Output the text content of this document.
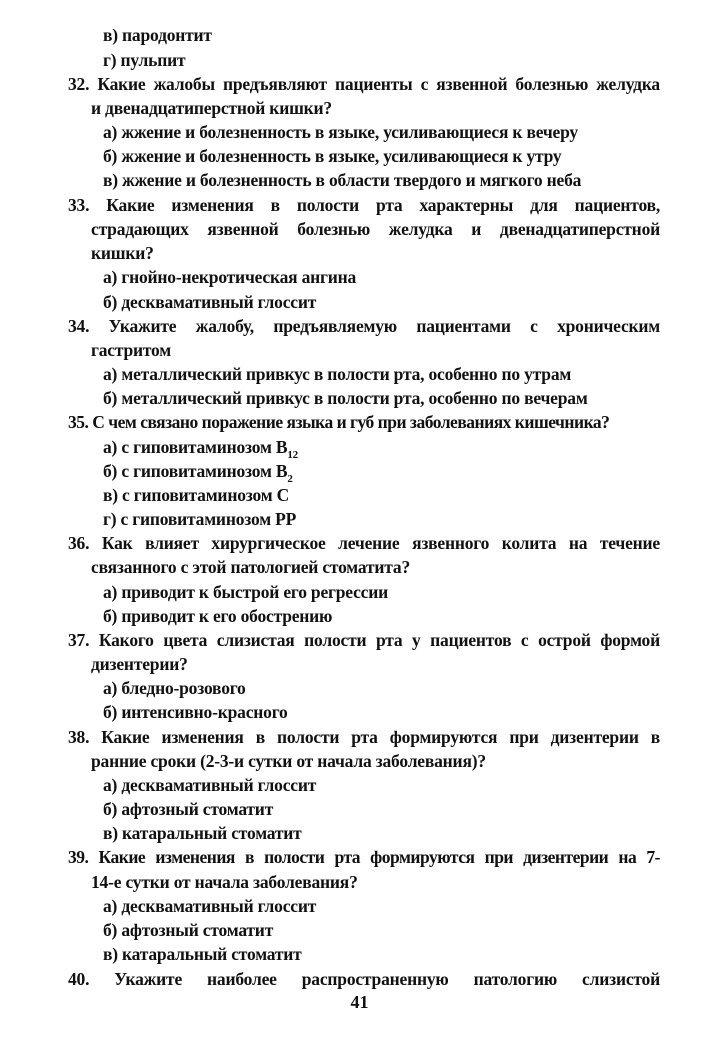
в) пародонтит
г) пульпит
32. Какие жалобы предъявляют пациенты с язвенной болезнью желудка
и двенадцатиперстной кишки?
а) жжение и болезненность в языке, усиливающиеся к вечеру
б) жжение и болезненность в языке, усиливающиеся к утру
в) жжение и болезненность в области твердого и мягкого неба
33. Какие изменения в полости рта характерны для пациентов,
страдающих язвенной болезнью желудка и двенадцатиперстной
кишки?
а) гнойно-некротическая ангина
б) десквамативный глоссит
34. Укажите жалобу, предъявляемую пациентами с хроническим
гастритом
а) металлический привкус в полости рта, особенно по утрам
б) металлический привкус в полости рта, особенно по вечерам
35. С чем связано поражение языка и губ при заболеваниях кишечника?
а) с гиповитаминозом $B_{12}$
б) с гиповитаминозом $B_2$
в) с гиповитаминозом C
г) с гиповитаминозом PP
36. Как влияет хирургическое лечение язвенного колита на течение
связанного с этой патологией стоматита?
а) приводит к быстрой его регрессии
б) приводит к его обострению
37. Какого цвета слизистая полости рта у пациентов с острой формой
дизентерии?
а) бледно-розового
б) интенсивно-красного
38. Какие изменения в полости рта формируются при дизентерии в
ранние сроки (2-3-и сутки от начала заболевания)?
а) десквамативный глоссит
б) афтозный стоматит
в) катаральный стоматит
39. Какие изменения в полости рта формируются при дизентерии на 7-
14-е сутки от начала заболевания?
а) десквамативный глоссит
б) афтозный стоматит
в) катаральный стоматит
40. Укажите наиболее распространенную патологию слизистой
41
